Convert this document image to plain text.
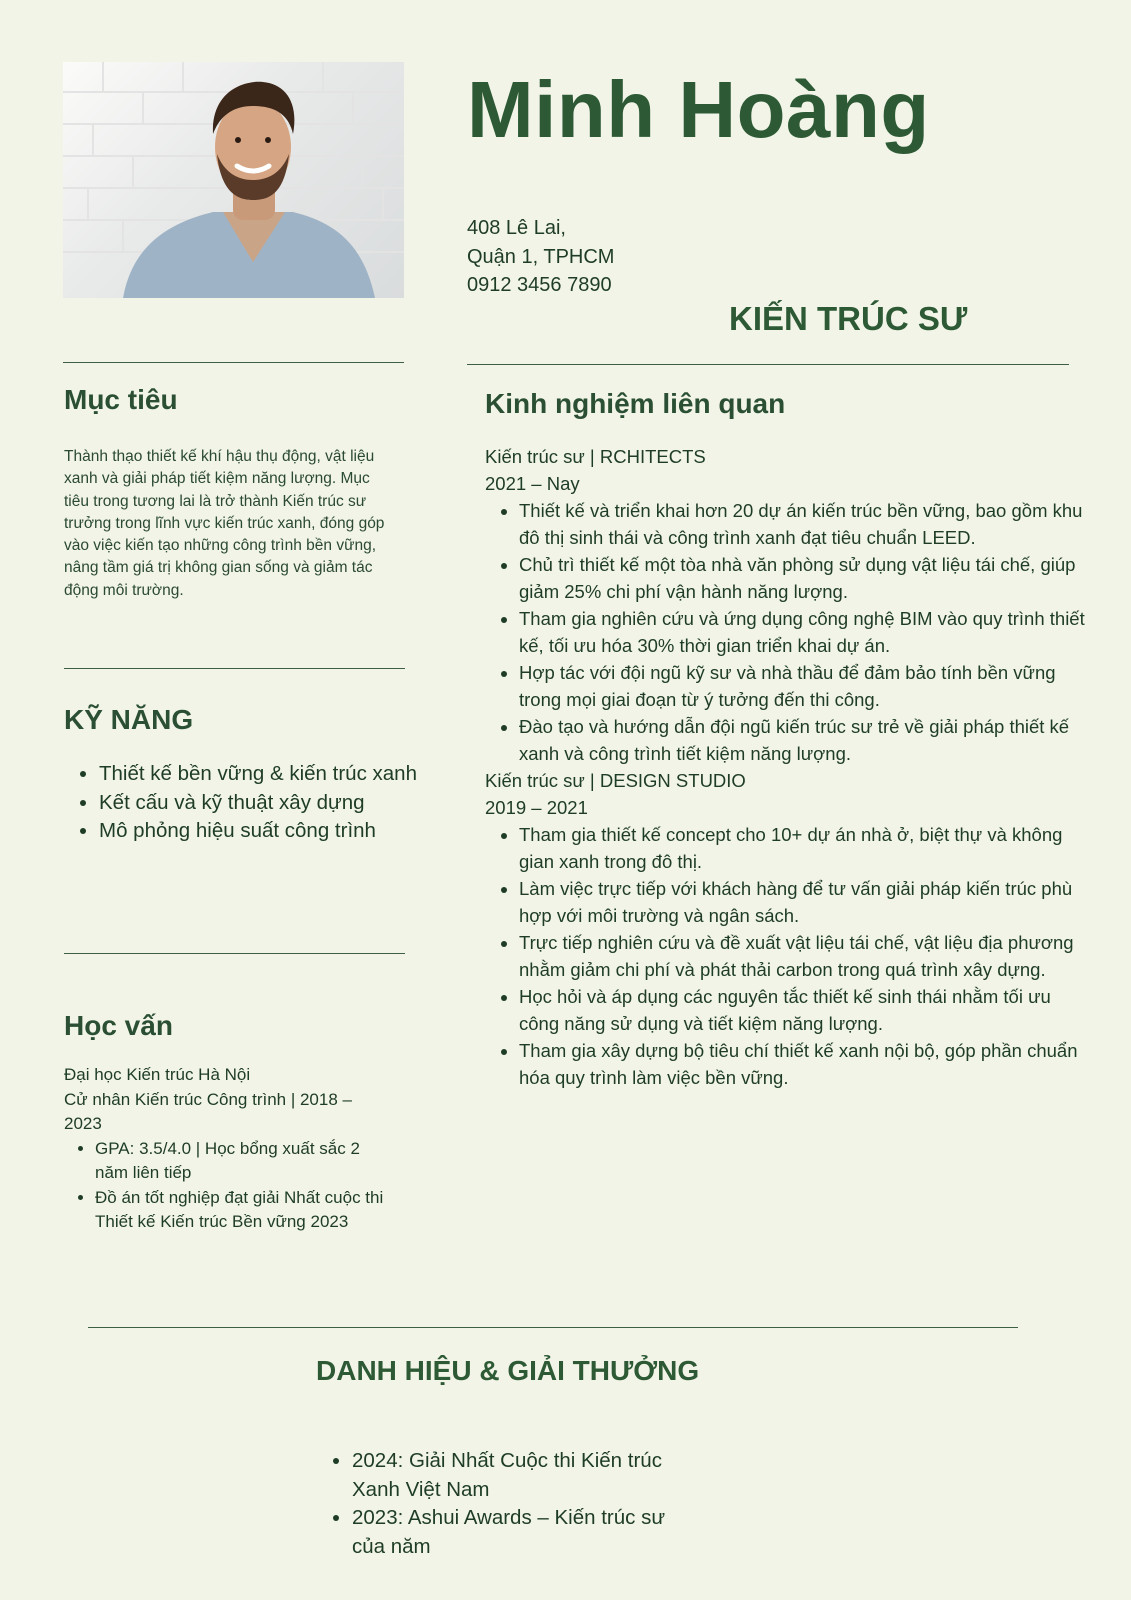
Minh Hoàng
408 Lê Lai,
Quận 1, TPHCM
0912 3456 7890
KIẾN TRÚC SƯ
Mục tiêu
Thành thạo thiết kế khí hậu thụ động, vật liệu xanh và giải pháp tiết kiệm năng lượng. Mục tiêu trong tương lai là trở thành Kiến trúc sư trưởng trong lĩnh vực kiến trúc xanh, đóng góp vào việc kiến tạo những công trình bền vững, nâng tầm giá trị không gian sống và giảm tác động môi trường.
KỸ NĂNG
• Thiết kế bền vững & kiến trúc xanh
• Kết cấu và kỹ thuật xây dựng
• Mô phỏng hiệu suất công trình
Học vấn
Đại học Kiến trúc Hà Nội
Cử nhân Kiến trúc Công trình | 2018 – 2023
• GPA: 3.5/4.0 | Học bổng xuất sắc 2 năm liên tiếp
• Đồ án tốt nghiệp đạt giải Nhất cuộc thi Thiết kế Kiến trúc Bền vững 2023
Kinh nghiệm liên quan
Kiến trúc sư | RCHITECTS
2021 – Nay
• Thiết kế và triển khai hơn 20 dự án kiến trúc bền vững, bao gồm khu đô thị sinh thái và công trình xanh đạt tiêu chuẩn LEED.
• Chủ trì thiết kế một tòa nhà văn phòng sử dụng vật liệu tái chế, giúp giảm 25% chi phí vận hành năng lượng.
• Tham gia nghiên cứu và ứng dụng công nghệ BIM vào quy trình thiết kế, tối ưu hóa 30% thời gian triển khai dự án.
• Hợp tác với đội ngũ kỹ sư và nhà thầu để đảm bảo tính bền vững trong mọi giai đoạn từ ý tưởng đến thi công.
• Đào tạo và hướng dẫn đội ngũ kiến trúc sư trẻ về giải pháp thiết kế xanh và công trình tiết kiệm năng lượng.
Kiến trúc sư | DESIGN STUDIO
2019 – 2021
• Tham gia thiết kế concept cho 10+ dự án nhà ở, biệt thự và không gian xanh trong đô thị.
• Làm việc trực tiếp với khách hàng để tư vấn giải pháp kiến trúc phù hợp với môi trường và ngân sách.
• Trực tiếp nghiên cứu và đề xuất vật liệu tái chế, vật liệu địa phương nhằm giảm chi phí và phát thải carbon trong quá trình xây dựng.
• Học hỏi và áp dụng các nguyên tắc thiết kế sinh thái nhằm tối ưu công năng sử dụng và tiết kiệm năng lượng.
• Tham gia xây dựng bộ tiêu chí thiết kế xanh nội bộ, góp phần chuẩn hóa quy trình làm việc bền vững.
DANH HIỆU & GIẢI THƯỞNG
• 2024: Giải Nhất Cuộc thi Kiến trúc Xanh Việt Nam
• 2023: Ashui Awards – Kiến trúc sư của năm
